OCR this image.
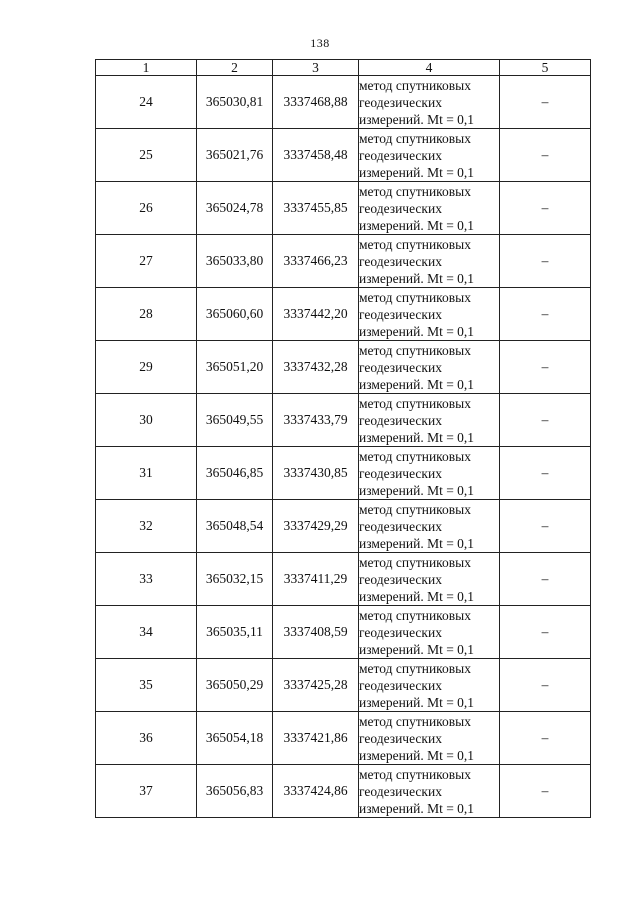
138
1	2	3	4	5
24	365030,81	3337468,88	метод спутниковых
геодезических
измерений. Mt = 0,1	–
25	365021,76	3337458,48	метод спутниковых
геодезических
измерений. Mt = 0,1	–
26	365024,78	3337455,85	метод спутниковых
геодезических
измерений. Mt = 0,1	–
27	365033,80	3337466,23	метод спутниковых
геодезических
измерений. Mt = 0,1	–
28	365060,60	3337442,20	метод спутниковых
геодезических
измерений. Mt = 0,1	–
29	365051,20	3337432,28	метод спутниковых
геодезических
измерений. Mt = 0,1	–
30	365049,55	3337433,79	метод спутниковых
геодезических
измерений. Mt = 0,1	–
31	365046,85	3337430,85	метод спутниковых
геодезических
измерений. Mt = 0,1	–
32	365048,54	3337429,29	метод спутниковых
геодезических
измерений. Mt = 0,1	–
33	365032,15	3337411,29	метод спутниковых
геодезических
измерений. Mt = 0,1	–
34	365035,11	3337408,59	метод спутниковых
геодезических
измерений. Mt = 0,1	–
35	365050,29	3337425,28	метод спутниковых
геодезических
измерений. Mt = 0,1	–
36	365054,18	3337421,86	метод спутниковых
геодезических
измерений. Mt = 0,1	–
37	365056,83	3337424,86	метод спутниковых
геодезических
измерений. Mt = 0,1	–
